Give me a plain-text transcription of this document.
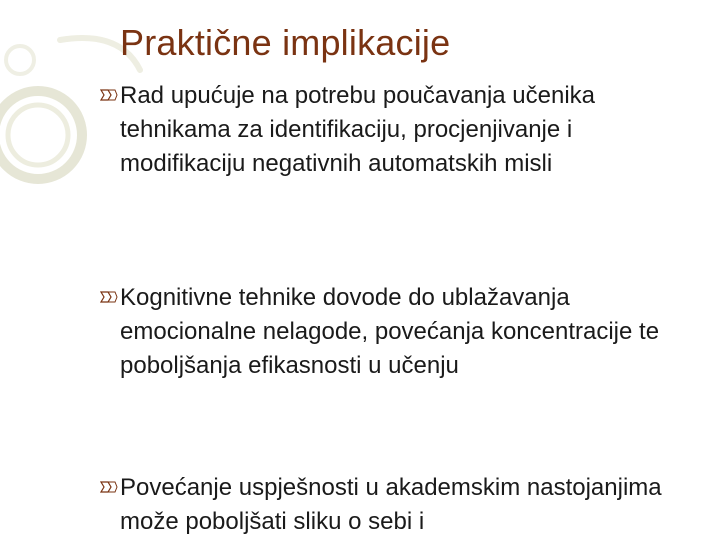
Praktične implikacije
Rad upućuje na potrebu poučavanja učenika tehnikama za identifikaciju, procjenjivanje i modifikaciju negativnih automatskih misli
Kognitivne tehnike dovode do ublažavanja emocionalne nelagode, povećanja koncentracije te poboljšanja efikasnosti u učenju
Povećanje uspješnosti u akademskim nastojanjima može poboljšati sliku o sebi i
